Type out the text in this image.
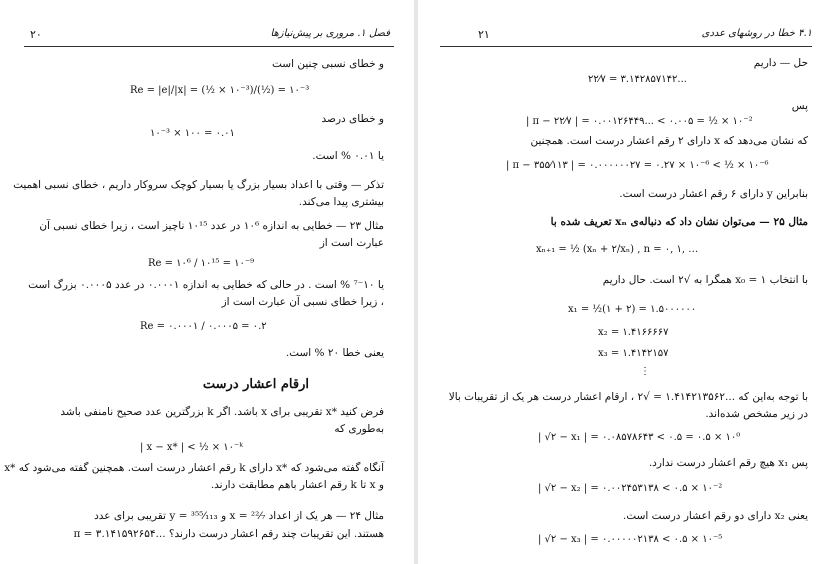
فصل ۱. مروری بر پیش‌نیازها
۲۰
و خطای نسبی چنین است
Re = |e|/|x| = (½ × ۱۰⁻³)/(½) = ۱۰⁻³
و خطای درصد
۱۰⁻³ × ۱۰۰ = ۰.۰۱
یا ۰.۰۱ % است.
تذکر — وقتی با اعداد بسیار بزرگ یا بسیار کوچک سروکار داریم ، خطای نسبی اهمیت
بیشتری پیدا می‌کند.
مثال ۲۳ — خطایی به اندازه ۱۰⁶ در عدد ۱۰¹⁵ ناچیز است ، زیرا خطای نسبی آن
عبارت است از
Re = ۱۰⁶ / ۱۰¹⁵ = ۱۰⁻⁹
یا ۱۰⁻⁷ % است . در حالی که خطایی به اندازه ۰.۰۰۰۱ در عدد ۰.۰۰۰۵ بزرگ است
، زیرا خطای نسبی آن عبارت است از
Re = ۰.۰۰۰۱ / ۰.۰۰۰۵ = ۰.۲
یعنی خطا ۲۰ % است.
ارقام اعشار درست
فرض کنید *x تقریبی برای x باشد. اگر k بزرگترین عدد صحیح نامنفی باشد
به‌طوری که
| x − x* | < ½ × ۱۰⁻ᵏ
آنگاه گفته می‌شود که *x دارای k رقم اعشار درست است. همچنین گفته می‌شود که *x
و x تا k رقم اعشار باهم مطابقت دارند.
مثال ۲۴ — هر یک از اعداد ²²⁄₇ = x و ³⁵⁵⁄₁₁₃ = y تقریبی برای عدد
π = ۳.۱۴۱۵۹۲۶۵۴... هستند. این تقریبات چند رقم اعشار درست دارند؟
۴.۱ خطا در روشهای عددی
۲۱
حل — داریم
۲۲⁄۷ = ۳.۱۴۲۸۵۷۱۴۲...
پس
| π − ۲۲⁄۷ | = ۰.۰۰۱۲۶۴۴۹... < ۰.۰۰۵ = ½ × ۱۰⁻²
که نشان می‌دهد که x دارای ۲ رقم اعشار درست است. همچنین
| π − ۳۵۵⁄۱۱۳ | = ۰.۰۰۰۰۰۰۲۷ = ۰.۲۷ × ۱۰⁻⁶ < ½ × ۱۰⁻⁶
بنابراین y دارای ۶ رقم اعشار درست است.
مثال ۲۵ — می‌توان نشان داد که دنباله‌ی xₙ تعریف شده با
xₙ₊₁ = ½ (xₙ + ۲/xₙ) , n = ۰, ۱, …
با انتخاب x₀ = ۱ همگرا به √۲ است. حال داریم
x₁ = ½(۱ + ۲) = ۱.۵۰۰۰۰۰۰
x₂ = ۱.۴۱۶۶۶۶۷
x₃ = ۱.۴۱۴۲۱۵۷
⋮
با توجه به‌این که ...۱.۴۱۴۲۱۳۵۶۲ = √۲ ، ارقام اعشار درست هر یک از تقریبات بالا
در زیر مشخص شده‌اند.
| √۲ − x₁ | = ۰.۰۸۵۷۸۶۴۳ < ۰.۵ = ۰.۵ × ۱۰⁰
پس x₁ هیچ رقم اعشار درست ندارد.
| √۲ − x₂ | = ۰.۰۰۲۴۵۳۱۳۸ < ۰.۵ × ۱۰⁻²
یعنی x₂ دارای دو رقم اعشار درست است.
| √۲ − x₃ | = ۰.۰۰۰۰۰۲۱۳۸ < ۰.۵ × ۱۰⁻⁵
